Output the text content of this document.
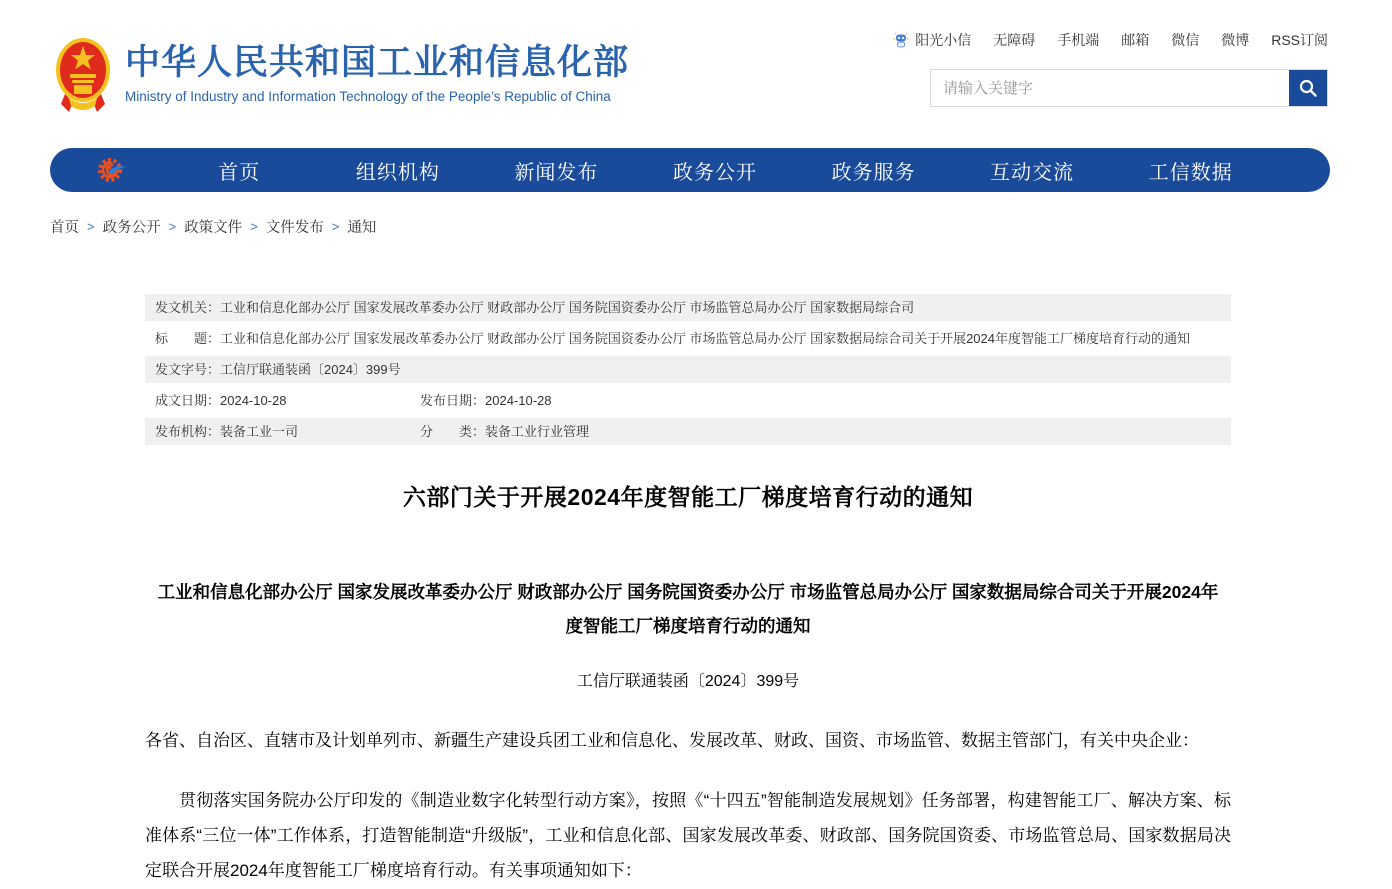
阳光小信 无障碍 手机端 邮箱 微信 微博 RSS订阅
中华人民共和国工业和信息化部
Ministry of Industry and Information Technology of the People’s Republic of China
请输入关键字
首页	组织机构	新闻发布	政务公开	政务服务	互动交流	工信数据
首页 > 政务公开 > 政策文件 > 文件发布 > 通知
发文机关： 工业和信息化部办公厅 国家发展改革委办公厅 财政部办公厅 国务院国资委办公厅 市场监管总局办公厅 国家数据局综合司
标　　题： 工业和信息化部办公厅 国家发展改革委办公厅 财政部办公厅 国务院国资委办公厅 市场监管总局办公厅 国家数据局综合司关于开展2024年度智能工厂梯度培育行动的通知
发文字号： 工信厅联通装函〔2024〕399号
成文日期： 2024-10-28	发布日期： 2024-10-28
发布机构： 装备工业一司	分　　类： 装备工业行业管理
六部门关于开展2024年度智能工厂梯度培育行动的通知
工业和信息化部办公厅 国家发展改革委办公厅 财政部办公厅 国务院国资委办公厅 市场监管总局办公厅 国家数据局综合司关于开展2024年度智能工厂梯度培育行动的通知
工信厅联通装函〔2024〕399号

各省、自治区、直辖市及计划单列市、新疆生产建设兵团工业和信息化、发展改革、财政、国资、市场监管、数据主管部门，有关中央企业：

贯彻落实国务院办公厅印发的《制造业数字化转型行动方案》，按照《“十四五”智能制造发展规划》任务部署，构建智能工厂、解决方案、标准体系“三位一体”工作体系，打造智能制造“升级版”，工业和信息化部、国家发展改革委、财政部、国务院国资委、市场监管总局、国家数据局决定联合开展2024年度智能工厂梯度培育行动。有关事项通知如下：
